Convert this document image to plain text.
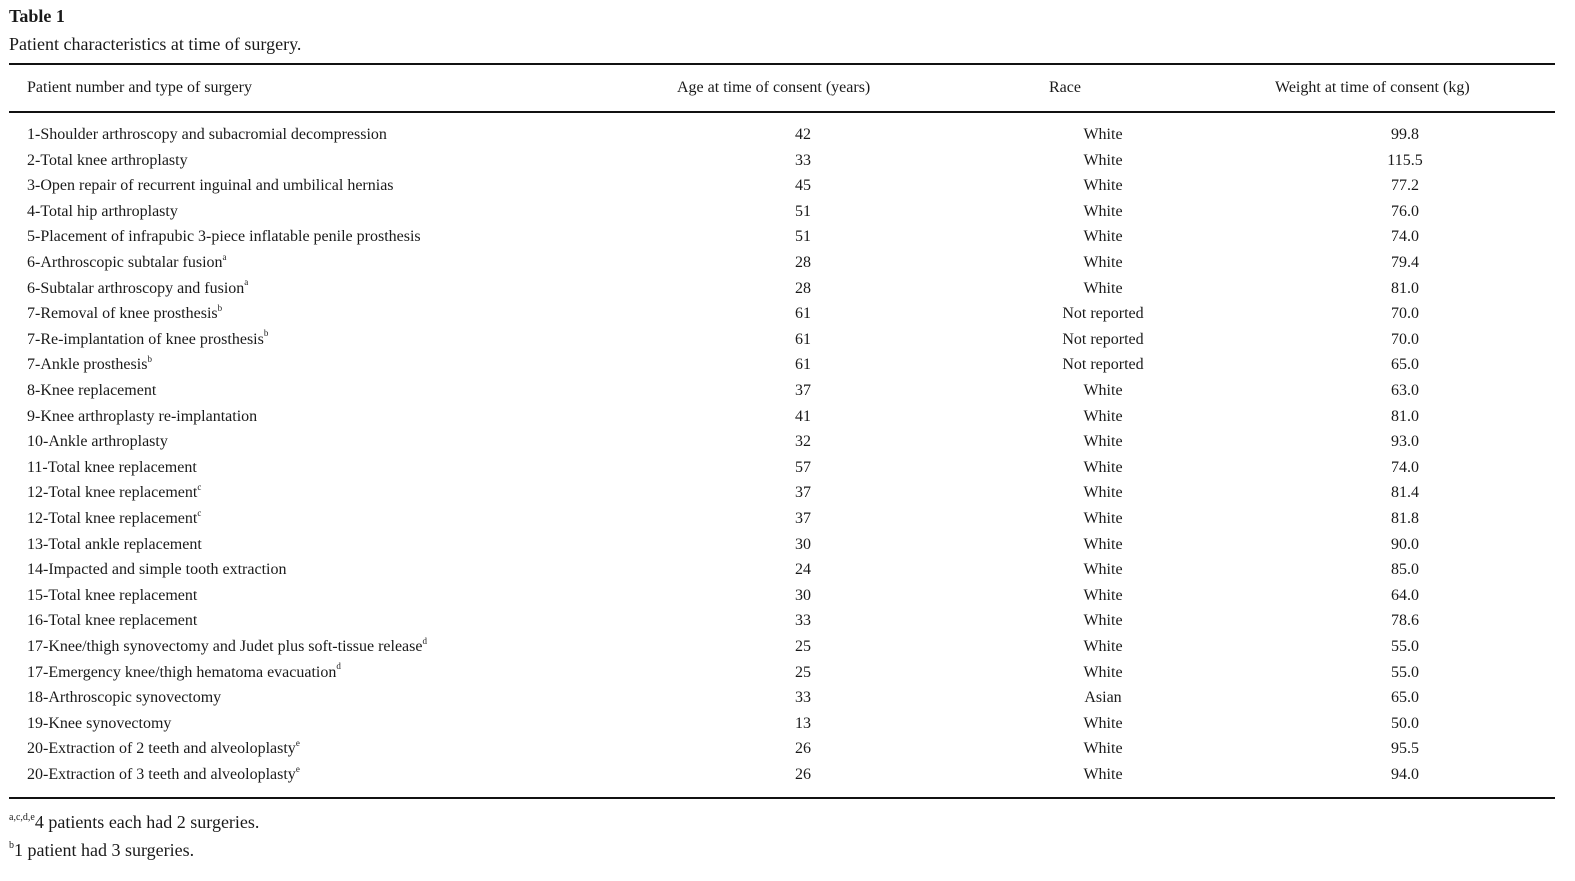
Table 1
Patient characteristics at time of surgery.
Patient number and type of surgery	Age at time of consent (years)	Race	Weight at time of consent (kg)
1-Shoulder arthroscopy and subacromial decompression	42	White	99.8
2-Total knee arthroplasty	33	White	115.5
3-Open repair of recurrent inguinal and umbilical hernias	45	White	77.2
4-Total hip arthroplasty	51	White	76.0
5-Placement of infrapubic 3-piece inflatable penile prosthesis	51	White	74.0
6-Arthroscopic subtalar fusion$^a$	28	White	79.4
6-Subtalar arthroscopy and fusion$^a$	28	White	81.0
7-Removal of knee prosthesis$^b$	61	Not reported	70.0
7-Re-implantation of knee prosthesis$^b$	61	Not reported	70.0
7-Ankle prosthesis$^b$	61	Not reported	65.0
8-Knee replacement	37	White	63.0
9-Knee arthroplasty re-implantation	41	White	81.0
10-Ankle arthroplasty	32	White	93.0
11-Total knee replacement	57	White	74.0
12-Total knee replacement$^c$	37	White	81.4
12-Total knee replacement$^c$	37	White	81.8
13-Total ankle replacement	30	White	90.0
14-Impacted and simple tooth extraction	24	White	85.0
15-Total knee replacement	30	White	64.0
16-Total knee replacement	33	White	78.6
17-Knee/thigh synovectomy and Judet plus soft-tissue release$^d$	25	White	55.0
17-Emergency knee/thigh hematoma evacuation$^d$	25	White	55.0
18-Arthroscopic synovectomy	33	Asian	65.0
19-Knee synovectomy	13	White	50.0
20-Extraction of 2 teeth and alveoloplasty$^e$	26	White	95.5
20-Extraction of 3 teeth and alveoloplasty$^e$	26	White	94.0
$^{a,c,d,e}$4 patients each had 2 surgeries.
$^b$1 patient had 3 surgeries.
